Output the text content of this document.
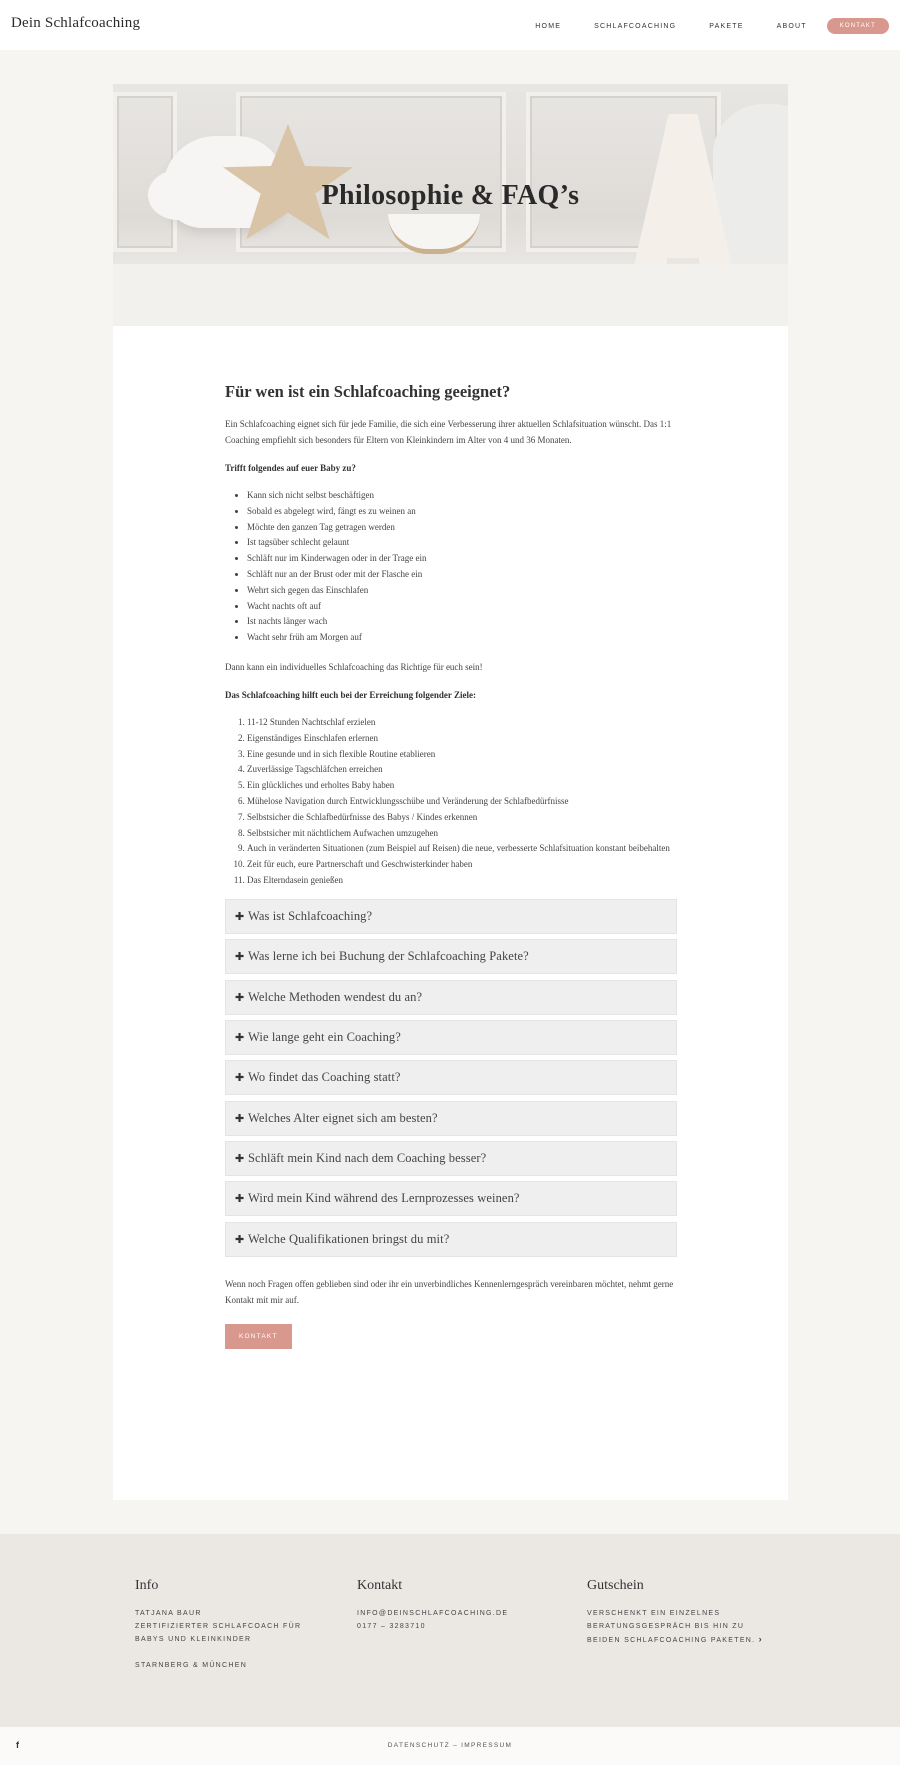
Dein Schlafcoaching	HOME	SCHLAFCOACHING	PAKETE	ABOUT	KONTAKT
Philosophie & FAQ’s
Für wen ist ein Schlafcoaching geeignet?

Ein Schlafcoaching eignet sich für jede Familie, die sich eine Verbesserung ihrer aktuellen Schlafsituation wünscht. Das 1:1 Coaching empfiehlt sich besonders für Eltern von Kleinkindern im Alter von 4 und 36 Monaten.

Trifft folgendes auf euer Baby zu?

• Kann sich nicht selbst beschäftigen
• Sobald es abgelegt wird, fängt es zu weinen an
• Möchte den ganzen Tag getragen werden
• Ist tagsüber schlecht gelaunt
• Schläft nur im Kinderwagen oder in der Trage ein
• Schläft nur an der Brust oder mit der Flasche ein
• Wehrt sich gegen das Einschlafen
• Wacht nachts oft auf
• Ist nachts länger wach
• Wacht sehr früh am Morgen auf

Dann kann ein individuelles Schlafcoaching das Richtige für euch sein!

Das Schlafcoaching hilft euch bei der Erreichung folgender Ziele:

1. 11-12 Stunden Nachtschlaf erzielen
2. Eigenständiges Einschlafen erlernen
3. Eine gesunde und in sich flexible Routine etablieren
4. Zuverlässige Tagschläfchen erreichen
5. Ein glückliches und erholtes Baby haben
6. Mühelose Navigation durch Entwicklungsschübe und Veränderung der Schlafbedürfnisse
7. Selbstsicher die Schlafbedürfnisse des Babys / Kindes erkennen
8. Selbstsicher mit nächtlichem Aufwachen umzugehen
9. Auch in veränderten Situationen (zum Beispiel auf Reisen) die neue, verbesserte Schlafsituation konstant beibehalten
10. Zeit für euch, eure Partnerschaft und Geschwisterkinder haben
11. Das Elterndasein genießen
✚ Was ist Schlafcoaching?
✚ Was lerne ich bei Buchung der Schlafcoaching Pakete?
✚ Welche Methoden wendest du an?
✚ Wie lange geht ein Coaching?
✚ Wo findet das Coaching statt?
✚ Welches Alter eignet sich am besten?
✚ Schläft mein Kind nach dem Coaching besser?
✚ Wird mein Kind während des Lernprozesses weinen?
✚ Welche Qualifikationen bringst du mit?

Wenn noch Fragen offen geblieben sind oder ihr ein unverbindliches Kennenlerngespräch vereinbaren möchtet, nehmt gerne Kontakt mit mir auf.

KONTAKT
Info
TATJANA BAUR
ZERTIFIZIERTER SCHLAFCOACH FÜR BABYS UND KLEINKINDER
STARNBERG & MÜNCHEN
Kontakt
INFO@DEINSCHLAFCOACHING.DE
0177 – 3283710
Gutschein
VERSCHENKT EIN EINZELNES BERATUNGSGESPRÄCH BIS HIN ZU BEIDEN SCHLAFCOACHING PAKETEN. ›
f	DATENSCHUTZ – IMPRESSUM
